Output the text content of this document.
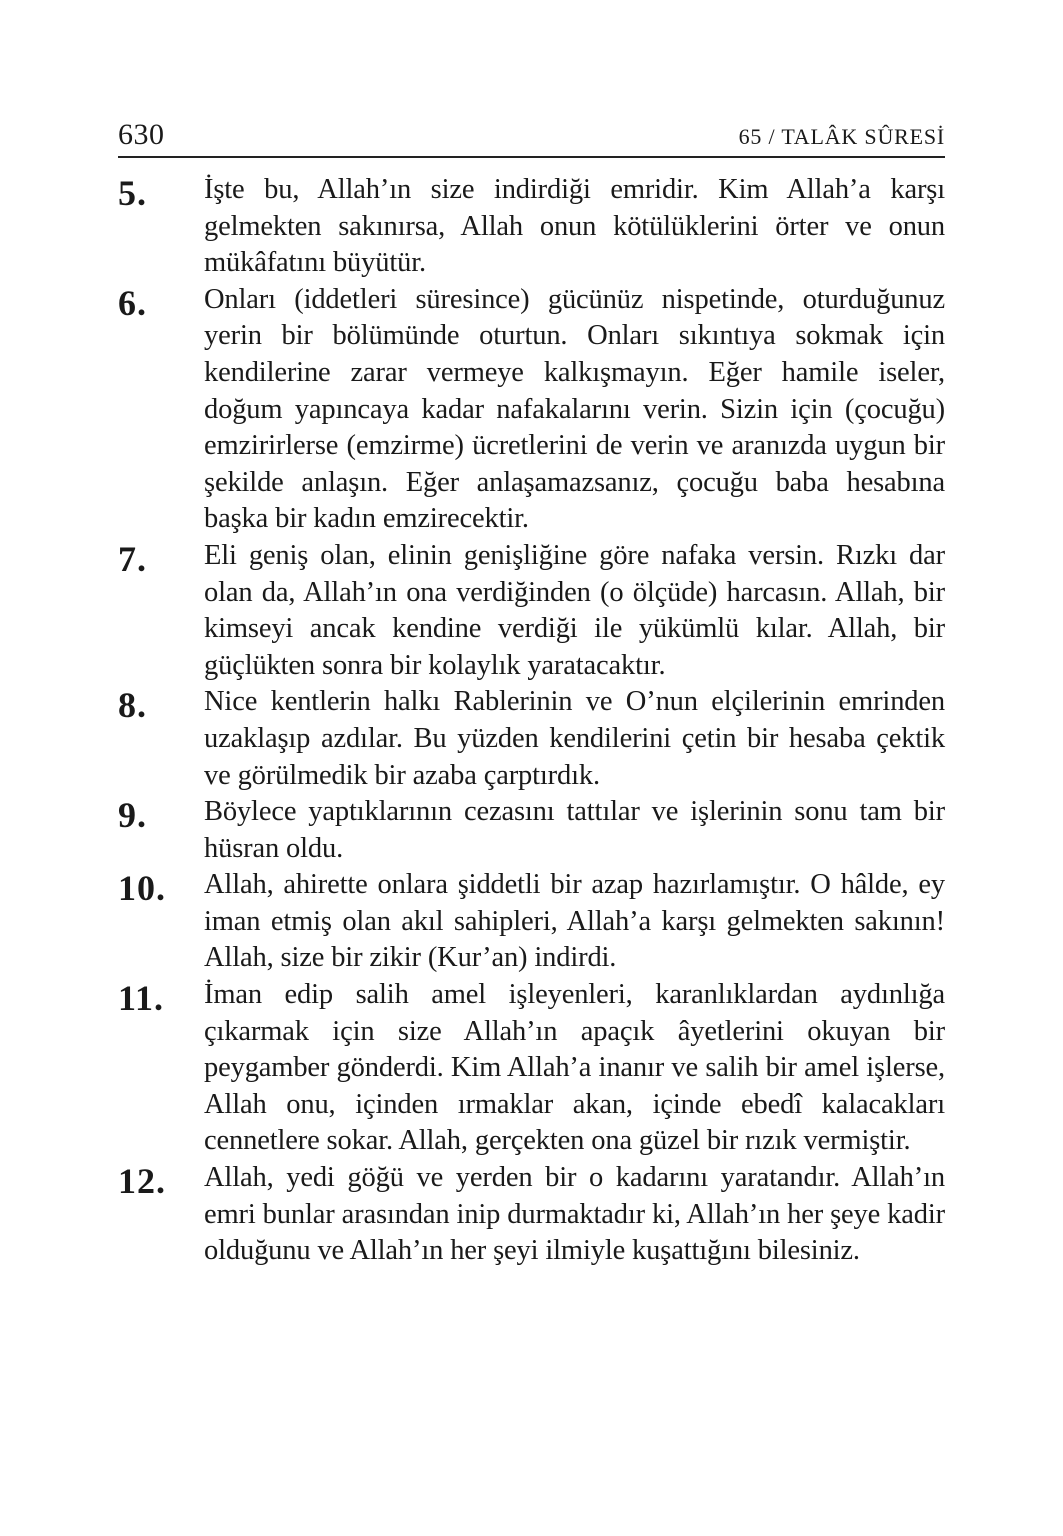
630	65 / TALÂK SÛRESİ
5. İşte bu, Allah’ın size indirdiği emridir. Kim Allah’a karşı gelmekten sakınırsa, Allah onun kötülüklerini örter ve onun mükâfatını büyütür.
6. Onları (iddetleri süresince) gücünüz nispetinde, oturduğunuz yerin bir bölümünde oturtun. Onları sıkıntıya sokmak için kendilerine zarar vermeye kalkışmayın. Eğer hamile iseler, doğum yapıncaya kadar nafakalarını verin. Sizin için (çocuğu) emzirirlerse (emzirme) ücretlerini de verin ve aranızda uygun bir şekilde anlaşın. Eğer anlaşamazsanız, çocuğu baba hesabına başka bir kadın emzirecektir.
7. Eli geniş olan, elinin genişliğine göre nafaka versin. Rızkı dar olan da, Allah’ın ona verdiğinden (o ölçüde) harcasın. Allah, bir kimseyi ancak kendine verdiği ile yükümlü kılar. Allah, bir güçlükten sonra bir kolaylık yaratacaktır.
8. Nice kentlerin halkı Rablerinin ve O’nun elçilerinin emrinden uzaklaşıp azdılar. Bu yüzden kendilerini çetin bir hesaba çektik ve görülmedik bir azaba çarptırdık.
9. Böylece yaptıklarının cezasını tattılar ve işlerinin sonu tam bir hüsran oldu.
10. Allah, ahirette onlara şiddetli bir azap hazırlamıştır. O hâlde, ey iman etmiş olan akıl sahipleri, Allah’a karşı gelmekten sakının! Allah, size bir zikir (Kur’an) indirdi.
11. İman edip salih amel işleyenleri, karanlıklardan aydınlığa çıkarmak için size Allah’ın apaçık âyetlerini okuyan bir peygamber gönderdi. Kim Allah’a inanır ve salih bir amel işlerse, Allah onu, içinden ırmaklar akan, içinde ebedî kalacakları cennetlere sokar. Allah, gerçekten ona güzel bir rızık vermiştir.
12. Allah, yedi göğü ve yerden bir o kadarını yaratandır. Allah’ın emri bunlar arasından inip durmaktadır ki, Allah’ın her şeye kadir olduğunu ve Allah’ın her şeyi ilmiyle kuşattığını bilesiniz.
